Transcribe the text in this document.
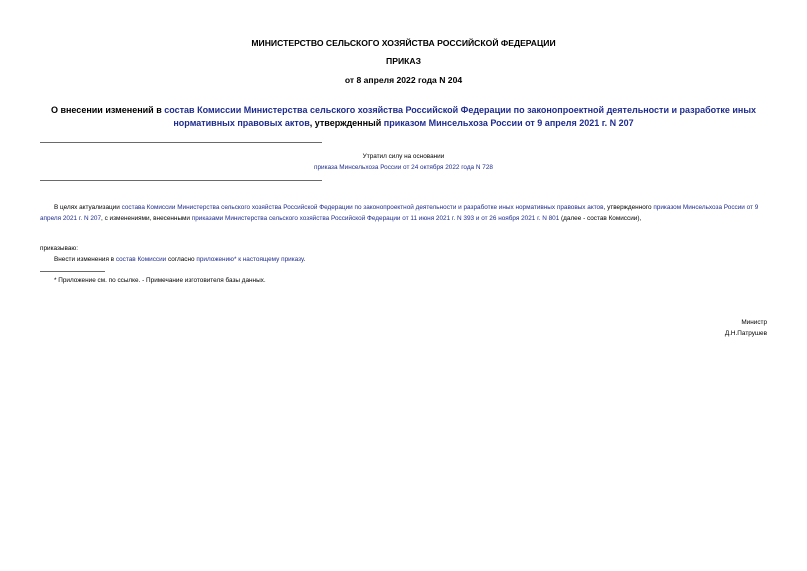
МИНИСТЕРСТВО СЕЛЬСКОГО ХОЗЯЙСТВА РОССИЙСКОЙ ФЕДЕРАЦИИ
ПРИКАЗ
от 8 апреля 2022 года N 204
О внесении изменений в состав Комиссии Министерства сельского хозяйства Российской Федерации по законопроектной деятельности и разработке иных нормативных правовых актов, утвержденный приказом Минсельхоза России от 9 апреля 2021 г. N 207

Утратил силу на основании

приказа Минсельхоза России от 24 октября 2022 года N 728

В целях актуализации состава Комиссии Министерства сельского хозяйства Российской Федерации по законопроектной деятельности и разработке иных нормативных правовых актов, утвержденного приказом Минсельхоза России от 9 апреля 2021 г. N 207, с изменениями, внесенными приказами Министерства сельского хозяйства Российской Федерации от 11 июня 2021 г. N 393 и от 26 ноября 2021 г. N 801 (далее - состав Комиссии),
приказываю:
Внести изменения в состав Комиссии согласно приложению* к настоящему приказу.
* Приложение см. по ссылке. - Примечание изготовителя базы данных.

Министр

Д.Н.Патрушев
